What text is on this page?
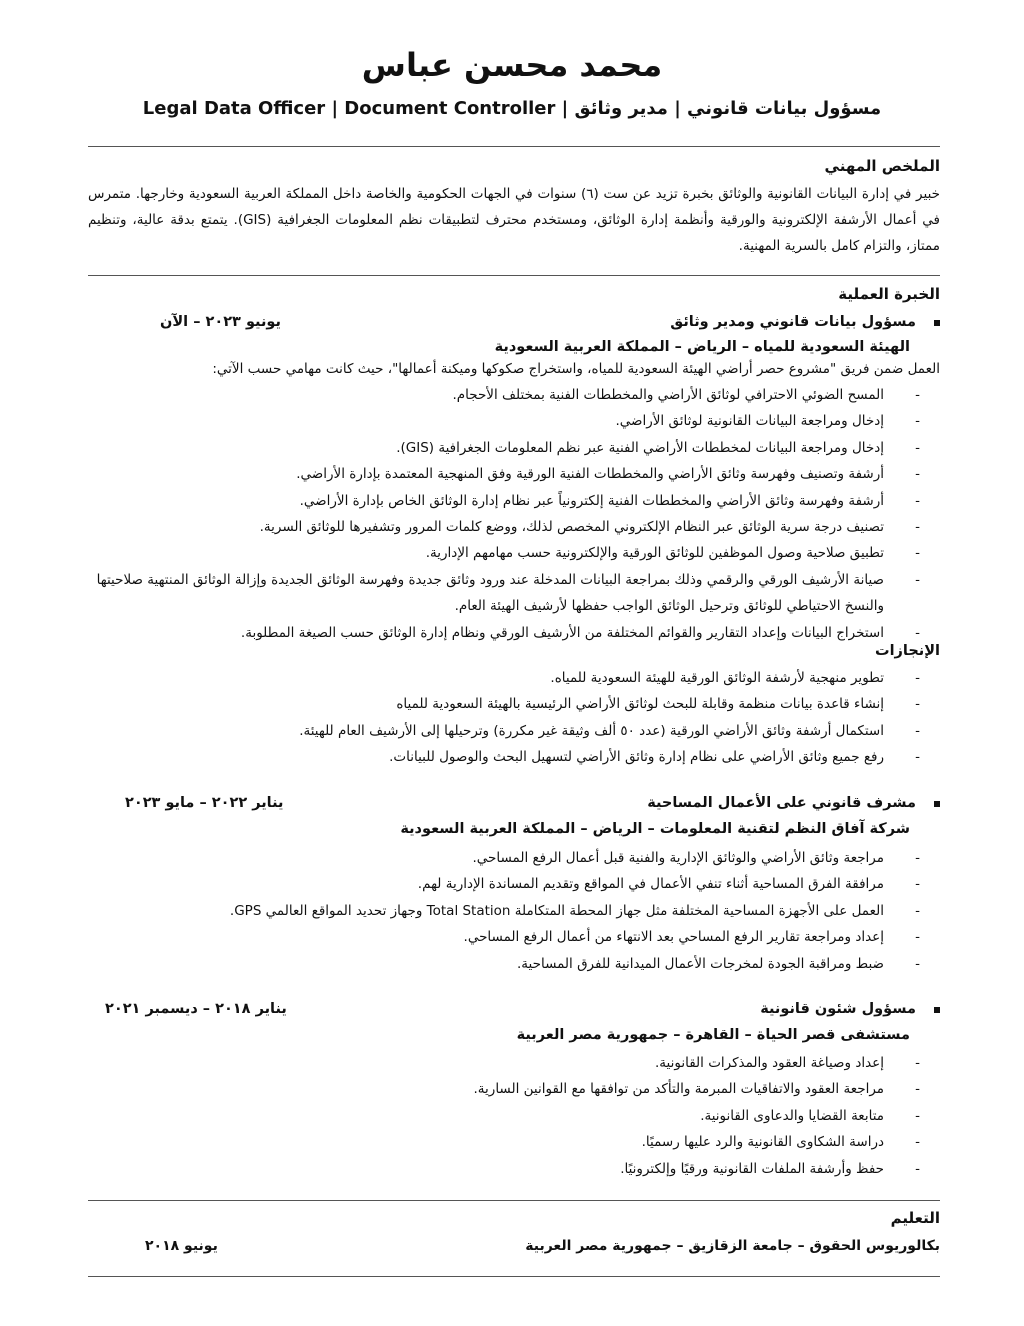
محمد محسن عباس
مسؤول بيانات قانوني | مدير وثائق | Legal Data Officer | Document Controller
الملخص المهني
خبير في إدارة البيانات القانونية والوثائق بخبرة تزيد عن ست (٦) سنوات في الجهات الحكومية والخاصة داخل المملكة العربية السعودية وخارجها. متمرس في أعمال الأرشفة الإلكترونية والورقية وأنظمة إدارة الوثائق، ومستخدم محترف لتطبيقات نظم المعلومات الجغرافية (GIS). يتمتع بدقة عالية، وتنظيم ممتاز، والتزام كامل بالسرية المهنية.
الخبرة العملية
مسؤول بيانات قانوني ومدير وثائق
يونيو ٢٠٢٣ – الآن
الهيئة السعودية للمياه – الرياض – المملكة العربية السعودية
العمل ضمن فريق "مشروع حصر أراضي الهيئة السعودية للمياه، واستخراج صكوكها وميكنة أعمالها"، حيث كانت مهامي حسب الآتي:
- المسح الضوئي الاحترافي لوثائق الأراضي والمخططات الفنية بمختلف الأحجام.
- إدخال ومراجعة البيانات القانونية لوثائق الأراضي.
- إدخال ومراجعة البيانات لمخططات الأراضي الفنية عبر نظم المعلومات الجغرافية (GIS).
- أرشفة وتصنيف وفهرسة وثائق الأراضي والمخططات الفنية الورقية وفق المنهجية المعتمدة بإدارة الأراضي.
- أرشفة وفهرسة وثائق الأراضي والمخططات الفنية إلكترونياً عبر نظام إدارة الوثائق الخاص بإدارة الأراضي.
- تصنيف درجة سرية الوثائق عبر النظام الإلكتروني المخصص لذلك، ووضع كلمات المرور وتشفيرها للوثائق السرية.
- تطبيق صلاحية وصول الموظفين للوثائق الورقية والإلكترونية حسب مهامهم الإدارية.
- صيانة الأرشيف الورقي والرقمي وذلك بمراجعة البيانات المدخلة عند ورود وثائق جديدة وفهرسة الوثائق الجديدة وإزالة الوثائق المنتهية صلاحيتها والنسخ الاحتياطي للوثائق وترحيل الوثائق الواجب حفظها لأرشيف الهيئة العام.
- استخراج البيانات وإعداد التقارير والقوائم المختلفة من الأرشيف الورقي ونظام إدارة الوثائق حسب الصيغة المطلوبة.
الإنجازات
- تطوير منهجية لأرشفة الوثائق الورقية للهيئة السعودية للمياه.
- إنشاء قاعدة بيانات منظمة وقابلة للبحث لوثائق الأراضي الرئيسية بالهيئة السعودية للمياه
- استكمال أرشفة وثائق الأراضي الورقية (عدد ٥٠ ألف وثيقة غير مكررة) وترحيلها إلى الأرشيف العام للهيئة.
- رفع جميع وثائق الأراضي على نظام إدارة وثائق الأراضي لتسهيل البحث والوصول للبيانات.
مشرف قانوني على الأعمال المساحية
يناير ٢٠٢٢ – مايو ٢٠٢٣
شركة آفاق النظم لتقنية المعلومات – الرياض – المملكة العربية السعودية
- مراجعة وثائق الأراضي والوثائق الإدارية والفنية قبل أعمال الرفع المساحي.
- مرافقة الفرق المساحية أثناء تنفي الأعمال في المواقع وتقديم المساندة الإدارية لهم.
- العمل على الأجهزة المساحية المختلفة مثل جهاز المحطة المتكاملة Total Station وجهاز تحديد المواقع العالمي GPS.
- إعداد ومراجعة تقارير الرفع المساحي بعد الانتهاء من أعمال الرفع المساحي.
- ضبط ومراقبة الجودة لمخرجات الأعمال الميدانية للفرق المساحية.
مسؤول شئون قانونية
يناير ٢٠١٨ – ديسمبر ٢٠٢١
مستشفى قصر الحياة – القاهرة – جمهورية مصر العربية
- إعداد وصياغة العقود والمذكرات القانونية.
- مراجعة العقود والاتفاقيات المبرمة والتأكد من توافقها مع القوانين السارية.
- متابعة القضايا والدعاوى القانونية.
- دراسة الشكاوى القانونية والرد عليها رسميًا.
- حفظ وأرشفة الملفات القانونية ورقيًا وإلكترونيًا.
التعليم
بكالوريوس الحقوق – جامعة الزقازيق – جمهورية مصر العربية
يونيو ٢٠١٨
